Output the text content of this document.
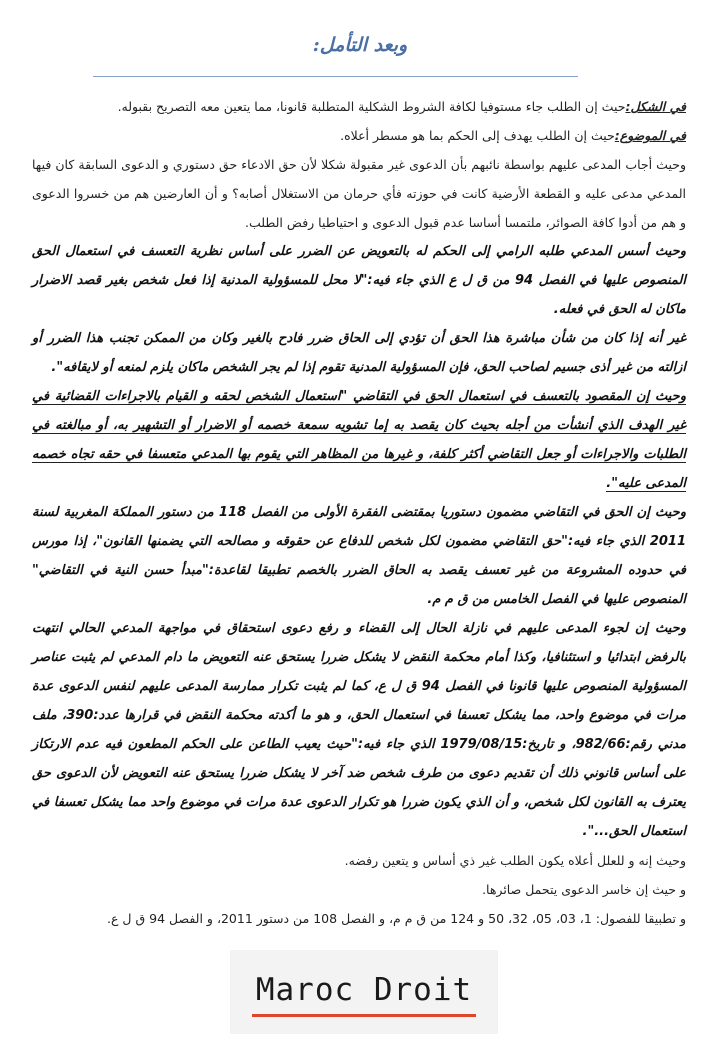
وبعد التأمل:

في الشكل:حيث إن الطلب جاء مستوفيا لكافة الشروط الشكلية المتطلبة قانونا، مما يتعين معه التصريح بقبوله.

في الموضوع:حيث إن الطلب يهدف إلى الحكم بما هو مسطر أعلاه.

وحيث أجاب المدعى عليهم بواسطة نائبهم بأن الدعوى غير مقبولة شكلا لأن حق الادعاء حق دستوري و الدعوى السابقة كان فيها المدعي مدعى عليه و القطعة الأرضية كانت في حوزته فأي حرمان من الاستغلال أصابه؟ و أن العارضين هم من خسروا الدعوى و هم من أدوا كافة الصوائر، ملتمسا أساسا عدم قبول الدعوى و احتياطيا رفض الطلب.

وحيث أسس المدعي طلبه الرامي إلى الحكم له بالتعويض عن الضرر على أساس نظرية التعسف في استعمال الحق المنصوص عليها في الفصل 94 من ق ل ع الذي جاء فيه:"لا محل للمسؤولية المدنية إذا فعل شخص بغير قصد الاضرار ماكان له الحق في فعله.

غير أنه إذا كان من شأن مباشرة هذا الحق أن تؤدي إلى الحاق ضرر فادح بالغير وكان من الممكن تجنب هذا الضرر أو ازالته من غير أذى جسيم لصاحب الحق، فإن المسؤولية المدنية تقوم إذا لم يجر الشخص ماكان يلزم لمنعه أو لايقافه".

وحيث إن المقصود بالتعسف في استعمال الحق في التقاضي "استعمال الشخص لحقه و القيام بالاجراءات القضائية في غير الهدف الذي أنشأت من أجله بحيث كان يقصد به إما تشويه سمعة خصمه أو الاضرار أو التشهير به، أو مبالغته في الطلبات والاجراءات أو جعل التقاضي أكثر كلفة، و غيرها من المظاهر التي يقوم بها المدعي متعسفا في حقه تجاه خصمه المدعى عليه".

وحيث إن الحق في التقاضي مضمون دستوريا بمقتضى الفقرة الأولى من الفصل 118 من دستور المملكة المغربية لسنة 2011 الذي جاء فيه:"حق التقاضي مضمون لكل شخص للدفاع عن حقوقه و مصالحه التي يضمنها القانون"، إذا مورس في حدوده المشروعة من غير تعسف يقصد به الحاق الضرر بالخصم تطبيقا لقاعدة:"مبدأ حسن النية في التقاضي" المنصوص عليها في الفصل الخامس من ق م م.

وحيث إن لجوء المدعى عليهم في نازلة الحال إلى القضاء و رفع دعوى استحقاق في مواجهة المدعي الحالي انتهت بالرفض ابتدائيا و استئنافيا، وكذا أمام محكمة النقض لا يشكل ضررا يستحق عنه التعويض ما دام المدعي لم يثبت عناصر المسؤولية المنصوص عليها قانونا في الفصل 94 ق ل ع، كما لم يثبت تكرار ممارسة المدعى عليهم لنفس الدعوى عدة مرات في موضوع واحد، مما يشكل تعسفا في استعمال الحق، و هو ما أكدته محكمة النقض في قرارها عدد:390، ملف مدني رقم:982/66، و تاريخ:1979/08/15 الذي جاء فيه:"حيث يعيب الطاعن على الحكم المطعون فيه عدم الارتكاز على أساس قانوني ذلك أن تقديم دعوى من طرف شخص ضد آخر لا يشكل ضررا يستحق عنه التعويض لأن الدعوى حق يعترف به القانون لكل شخص، و أن الذي يكون ضررا هو تكرار الدعوى عدة مرات في موضوع واحد مما يشكل تعسفا في استعمال الحق...".

وحيث إنه و للعلل أعلاه يكون الطلب غير ذي أساس و يتعين رفضه.

و حيث إن خاسر الدعوى يتحمل صائرها.

و تطبيقا للفصول: 1، 03، 05، 32، 50 و 124 من ق م م، و الفصل 108 من دستور 2011، و الفصل 94 ق ل ع.

Maroc Droit
